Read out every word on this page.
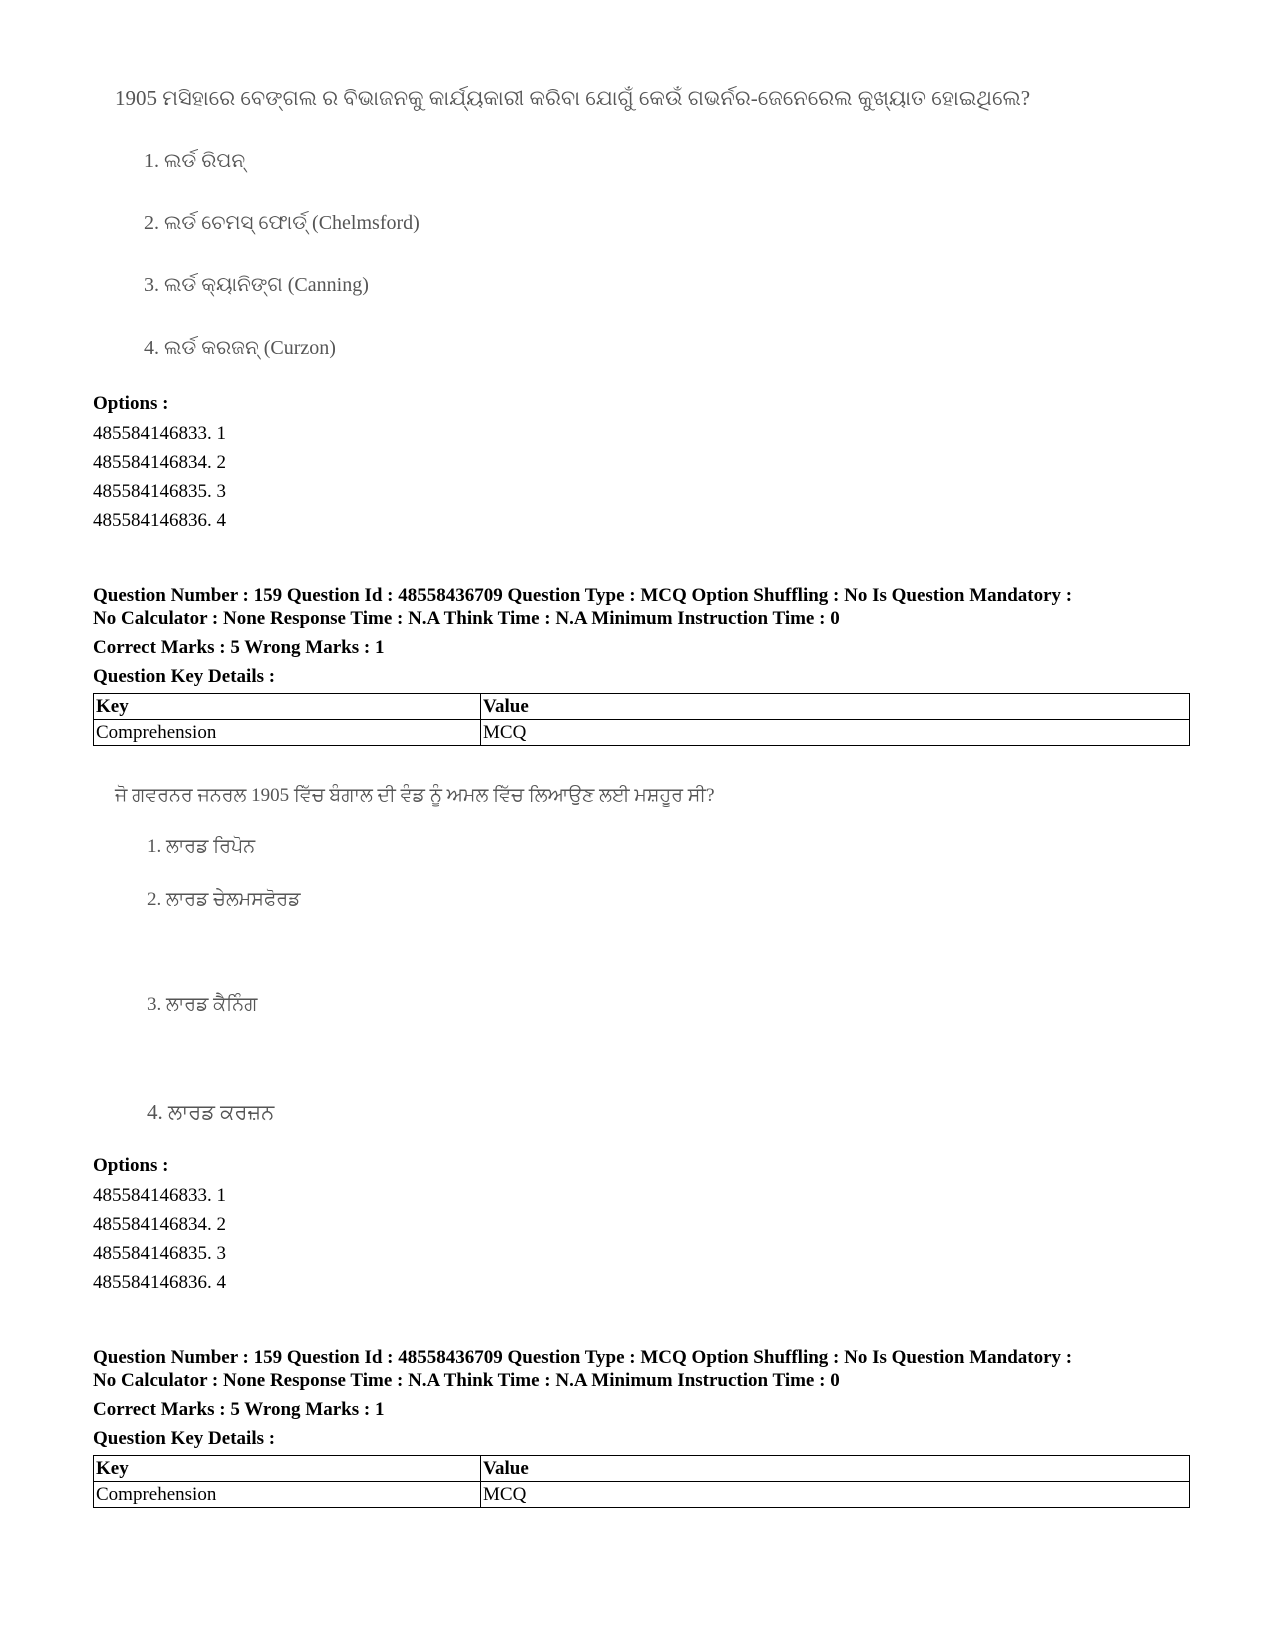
1905 ମସିହାରେ ବେଙ୍ଗଲ ର ବିଭାଜନକୁ କାର୍ଯ୍ୟକାରୀ କରିବା ଯୋଗୁଁ କେଉଁ ଗଭର୍ନର-ଜେନେରେଲ କୁଖ୍ୟାତ ହୋଇଥିଲେ?
1. ଲର୍ଡ ରିପନ୍
2. ଲର୍ଡ ଚେମସ୍ ଫୋର୍ଡ୍ (Chelmsford)
3. ଲର୍ଡ କ୍ୟାନିଙ୍ଗ (Canning)
4. ଲର୍ଡ କରଜନ୍ (Curzon)
Options :
485584146833. 1
485584146834. 2
485584146835. 3
485584146836. 4
Question Number : 159 Question Id : 48558436709 Question Type : MCQ Option Shuffling : No Is Question Mandatory :
No Calculator : None Response Time : N.A Think Time : N.A Minimum Instruction Time : 0
Correct Marks : 5 Wrong Marks : 1
Question Key Details :
Key	Value
Comprehension	MCQ
ਜੋ ਗਵਰਨਰ ਜਨਰਲ 1905 ਵਿੱਚ ਬੰਗਾਲ ਦੀ ਵੰਡ ਨੂੰ ਅਮਲ ਵਿੱਚ ਲਿਆਉਣ ਲਈ ਮਸ਼ਹੂਰ ਸੀ?
1. ਲਾਰਡ ਰਿਪੋਨ
2. ਲਾਰਡ ਚੇਲਮਸਫੋਰਡ
3. ਲਾਰਡ ਕੈਨਿੰਗ
4. ਲਾਰਡ ਕਰਜ਼ਨ
Options :
485584146833. 1
485584146834. 2
485584146835. 3
485584146836. 4
Question Number : 159 Question Id : 48558436709 Question Type : MCQ Option Shuffling : No Is Question Mandatory :
No Calculator : None Response Time : N.A Think Time : N.A Minimum Instruction Time : 0
Correct Marks : 5 Wrong Marks : 1
Question Key Details :
Key	Value
Comprehension	MCQ
